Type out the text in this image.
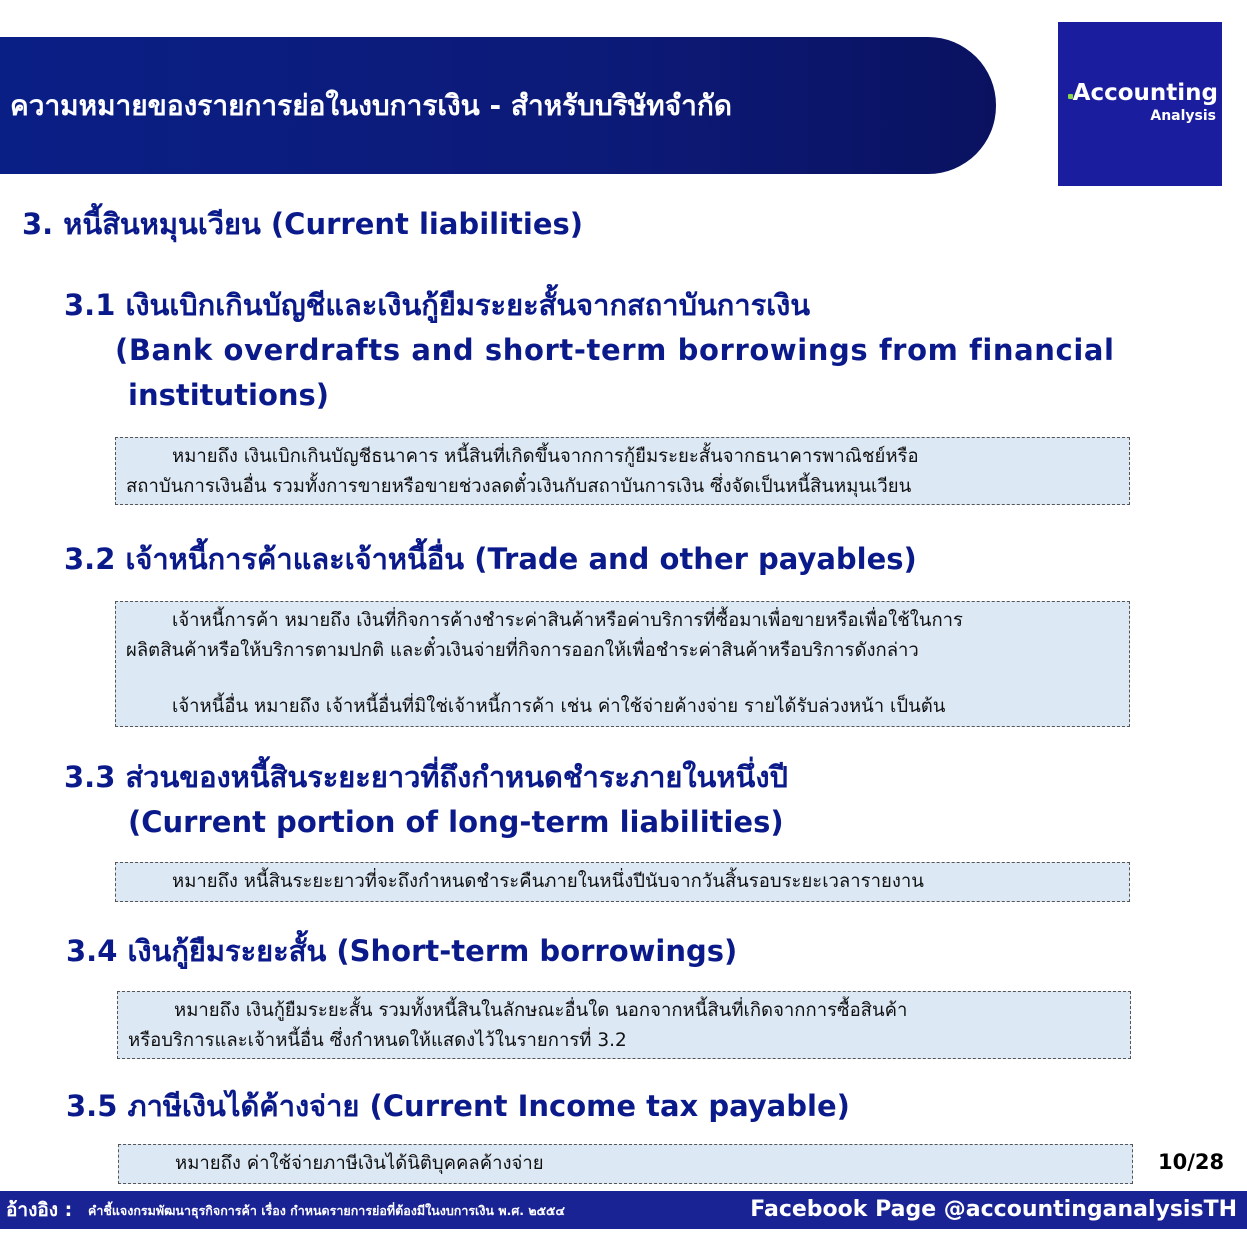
ความหมายของรายการย่อในงบการเงิน - สำหรับบริษัทจำกัด	Accounting
Analysis
3. หนี้สินหมุนเวียน (Current liabilities)
3.1 เงินเบิกเกินบัญชีและเงินกู้ยืมระยะสั้นจากสถาบันการเงิน
(Bank overdrafts and short-term borrowings from financial
institutions)
หมายถึง เงินเบิกเกินบัญชีธนาคาร หนี้สินที่เกิดขึ้นจากการกู้ยืมระยะสั้นจากธนาคารพาณิชย์หรือ
สถาบันการเงินอื่น รวมทั้งการขายหรือขายช่วงลดตั๋วเงินกับสถาบันการเงิน ซึ่งจัดเป็นหนี้สินหมุนเวียน
3.2 เจ้าหนี้การค้าและเจ้าหนี้อื่น (Trade and other payables)
เจ้าหนี้การค้า หมายถึง เงินที่กิจการค้างชำระค่าสินค้าหรือค่าบริการที่ซื้อมาเพื่อขายหรือเพื่อใช้ในการ
ผลิตสินค้าหรือให้บริการตามปกติ และตั๋วเงินจ่ายที่กิจการออกให้เพื่อชำระค่าสินค้าหรือบริการดังกล่าว
เจ้าหนี้อื่น หมายถึง เจ้าหนี้อื่นที่มิใช่เจ้าหนี้การค้า เช่น ค่าใช้จ่ายค้างจ่าย รายได้รับล่วงหน้า เป็นต้น
3.3 ส่วนของหนี้สินระยะยาวที่ถึงกำหนดชำระภายในหนึ่งปี
(Current portion of long-term liabilities)
หมายถึง หนี้สินระยะยาวที่จะถึงกำหนดชำระคืนภายในหนึ่งปีนับจากวันสิ้นรอบระยะเวลารายงาน
3.4 เงินกู้ยืมระยะสั้น (Short-term borrowings)
หมายถึง เงินกู้ยืมระยะสั้น รวมทั้งหนี้สินในลักษณะอื่นใด นอกจากหนี้สินที่เกิดจากการซื้อสินค้า
หรือบริการและเจ้าหนี้อื่น ซึ่งกำหนดให้แสดงไว้ในรายการที่ 3.2
3.5 ภาษีเงินได้ค้างจ่าย (Current Income tax payable)
หมายถึง ค่าใช้จ่ายภาษีเงินได้นิติบุคคลค้างจ่าย	10/28
อ้างอิง : คำชี้แจงกรมพัฒนาธุรกิจการค้า เรื่อง กำหนดรายการย่อที่ต้องมีในงบการเงิน พ.ศ. ๒๕๕๔	Facebook Page @accountinganalysisTH
